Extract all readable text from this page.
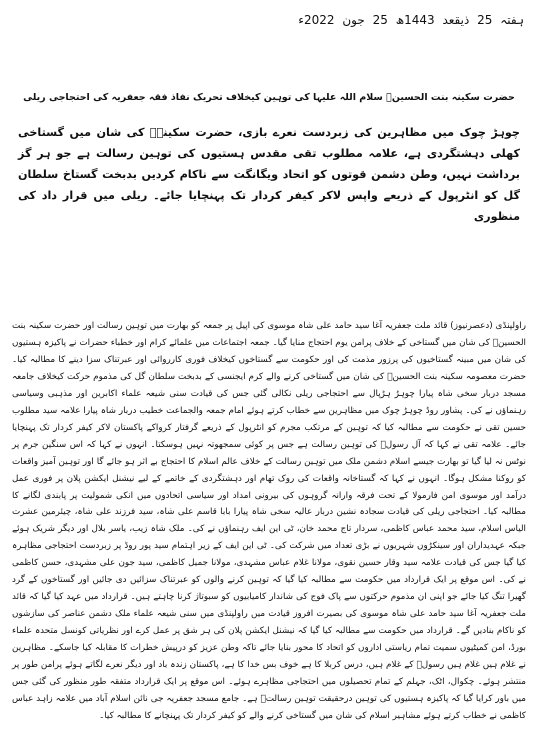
ہفتہ 25 ذیقعد 1443ھ 25 جون 2022ء
حضرت سکینہ بنت الحسینؑ سلام اللہ علیہا کی توہین کیخلاف تحریک نفاذ فقہ جعفریہ کی احتجاجی ریلی

چوہڑ چوک میں مظاہرین کی زبردست نعرے بازی، حضرت سکینہؑ کی شان میں گستاخی کھلی دہشتگردی ہے، علامہ مطلوب تقی مقدس ہستیوں کی توہین رسالت ہے جو ہر گز برداشت نہیں، وطن دشمن قوتوں کو اتحاد ویگانگت سے ناکام کردیں بدبخت گستاخ سلطان گل کو انٹرپول کے ذریعے واپس لاکر کیفر کردار تک پہنچایا جائے۔ ریلی میں قرار داد کی منظوری

راولپنڈی (دعصرنیوز) قائد ملت جعفریہ آغا سید حامد علی شاہ موسوی کی اپیل پر جمعہ کو بھارت میں توہین رسالت اور حضرت سکینہ بنت الحسینؑ کی شان میں گستاخی کے خلاف پرامن یوم احتجاج منایا گیا۔ جمعہ اجتماعات میں علمائے کرام اور خطباء حضرات نے پاکیزہ ہستیوں کی شان میں مبینہ گستاخیوں کی پرزور مذمت کی اور حکومت سے گستاخوں کیخلاف فوری کارروائی اور عبرتناک سزا دینے کا مطالبہ کیا۔ حضرت معصومہ سکینہ بنت الحسینؑ کی شان میں گستاخی کرنے والے کرم ایجنسی کے بدبخت سلطان گل کی مذموم حرکت کیخلاف جامعہ مسجد دربار سخی شاہ پیارا چوہڑ ہڑپال سے احتجاجی ریلی نکالی گئی جس کی قیادت سنی شیعہ علماء اکابرین اور مذہبی وسیاسی رہنماؤں نے کی۔ پشاور روڈ چوہڑ چوک میں مظاہرین سے خطاب کرتے ہوئے امام جمعہ والجماعت خطیب دربار شاہ پیارا علامہ سید مطلوب حسین تقی نے حکومت سے مطالبہ کیا کہ توہین کے مرتکب مجرم کو انٹرپول کے ذریعے گرفتار کرواکے پاکستان لاکر کیفر کردار تک پہنچایا جائے۔ علامہ تقی نے کہا کہ آل رسولؐ کی توہین رسالت ہے جس پر کوئی سمجھوتہ نہیں ہوسکتا۔ انہوں نے کہا کہ اس سنگین جرم پر نوٹس نہ لیا گیا تو بھارت جیسے اسلام دشمن ملک میں توہین رسالت کے خلاف عالم اسلام کا احتجاج بے اثر ہو جائے گا اور توہین آمیز واقعات کو روکنا مشکل ہوگا۔ انہوں نے کہا کہ گستاخانہ واقعات کی روک تھام اور دہشتگردی کے خاتمے کے لیے نیشنل ایکشن پلان پر فوری عمل درآمد اور موسوی امن فارمولا کے تحت فرقہ وارانہ گروہوں کی بیرونی امداد اور سیاسی اتحادوں میں انکی شمولیت پر پابندی لگانے کا مطالبہ کیا۔ احتجاجی ریلی کی قیادت سجادہ نشین دربار عالیہ سخی شاہ پیارا بابا قاسم علی شاہ، سید فرزند علی شاہ، چیئرمین عشرت الیاس اسلام، سید محمد عباس کاظمی، سردار تاج محمد خان، ٹی این ایف رہنماؤں نے کی۔ ملک شاہ زیب، یاسر بلال اور دیگر شریک ہوئے جبکہ عہدیداران اور سینکڑوں شہریوں نے بڑی تعداد میں شرکت کی۔ ٹی این ایف کے زیر اہتمام سید پور روڈ پر زبردست احتجاجی مظاہرہ کیا گیا جس کی قیادت علامہ سید وقار حسین نقوی، مولانا غلام عباس مشہدی، مولانا جمیل کاظمی، سید جون علی مشہدی، حسن کاظمی نے کی۔ اس موقع پر ایک قرارداد میں حکومت سے مطالبہ کیا گیا کہ توہین کرنے والوں کو عبرتناک سزائیں دی جائیں اور گستاخوں کے گرد گھیرا تنگ کیا جائے جو اپنی ان مذموم حرکتوں سے پاک فوج کی شاندار کامیابیوں کو سبوتاژ کرنا چاہتے ہیں۔ قرارداد میں عہد کیا گیا کہ قائد ملت جعفریہ آغا سید حامد علی شاہ موسوی کی بصیرت افروز قیادت میں راولپنڈی میں سنی شیعہ علماء ملک دشمن عناصر کی سازشوں کو ناکام بنادیں گے۔ قرارداد میں حکومت سے مطالبہ کیا گیا کہ نیشنل ایکشن پلان کی ہر شق پر عمل کرے اور نظریاتی کونسل متحدہ علماء بورڈ، امن کمیٹیوں سمیت تمام ریاستی اداروں کو اتحاد کا محور بنایا جائے تاکہ وطن عزیز کو درپیش خطرات کا مقابلہ کیا جاسکے۔ مظاہرین نے غلام ہیں غلام ہیں رسولؐ کے غلام ہیں، درس کربلا کا ہے خوف بس خدا کا ہے، پاکستان زندہ باد اور دیگر نعرے لگاتے ہوئے پرامن طور پر منتشر ہوئے۔ چکوال، اٹک، جہلم کے تمام تحصیلوں میں احتجاجی مظاہرے ہوئے۔ اس موقع پر ایک قرارداد متفقہ طور منظور کی گئی جس میں باور کرایا گیا کہ پاکیزہ ہستیوں کی توہین درحقیقت توہین رسالتؐ ہے۔ جامع مسجد جعفریہ جی نائن اسلام آباد میں علامہ زاہد عباس کاظمی نے خطاب کرتے ہوئے مشاہیر اسلام کی شان میں گستاخی کرنے والے کو کیفر کردار تک پہنچانے کا مطالبہ کیا۔
